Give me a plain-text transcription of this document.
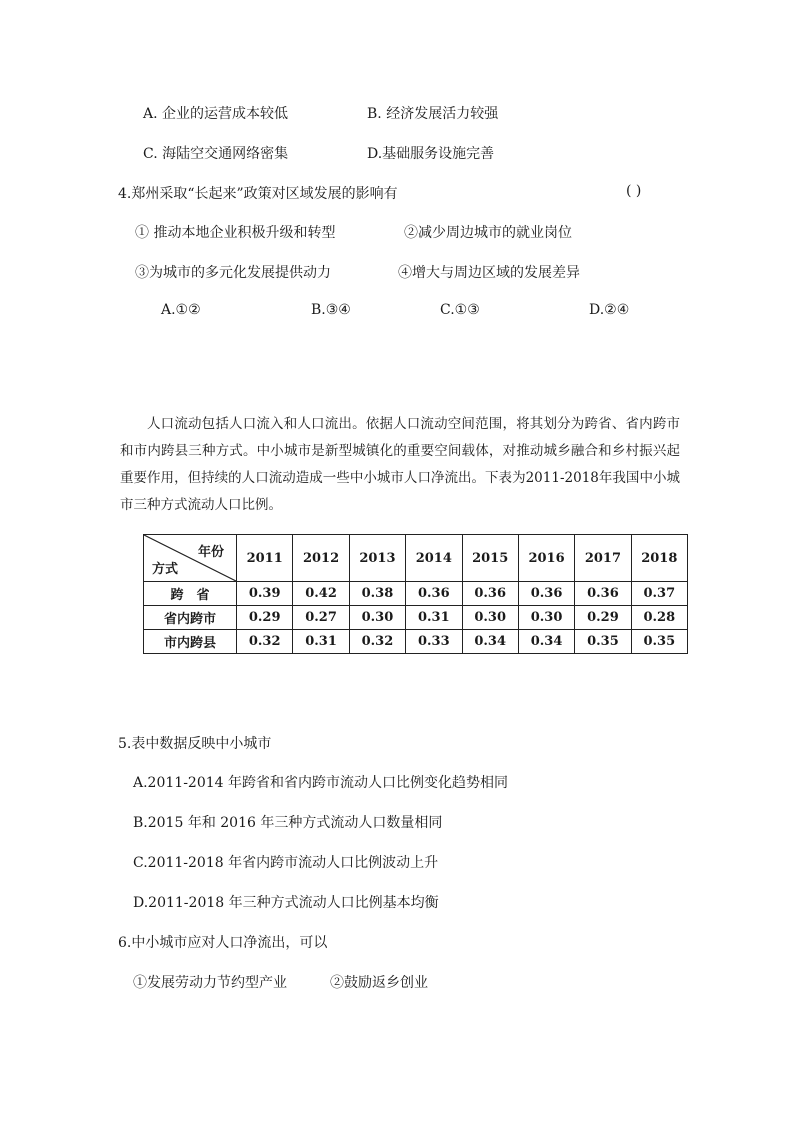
A. 企业的运营成本较低	B. 经济发展活力较强
C. 海陆空交通网络密集	D.基础服务设施完善
4.郑州采取“长起来”政策对区域发展的影响有	( )
① 推动本地企业积极升级和转型	②减少周边城市的就业岗位
③为城市的多元化发展提供动力	④增大与周边区域的发展差异
A.①②	B.③④	C.①③	D.②④
人口流动包括人口流入和人口流出。依据人口流动空间范围，将其划分为跨省、省内跨市和市内跨县三种方式。中小城市是新型城镇化的重要空间载体，对推动城乡融合和乡村振兴起重要作用，但持续的人口流动造成一些中小城市人口净流出。下表为2011-2018年我国中小城市三种方式流动人口比例。
年份
方式	2011	2012	2013	2014	2015	2016	2017	2018
跨　省	0.39	0.42	0.38	0.36	0.36	0.36	0.36	0.37
省内跨市	0.29	0.27	0.30	0.31	0.30	0.30	0.29	0.28
市内跨县	0.32	0.31	0.32	0.33	0.34	0.34	0.35	0.35
5.表中数据反映中小城市
A.2011-2014 年跨省和省内跨市流动人口比例变化趋势相同
B.2015 年和 2016 年三种方式流动人口数量相同
C.2011-2018 年省内跨市流动人口比例波动上升
D.2011-2018 年三种方式流动人口比例基本均衡
6.中小城市应对人口净流出，可以
①发展劳动力节约型产业	②鼓励返乡创业
